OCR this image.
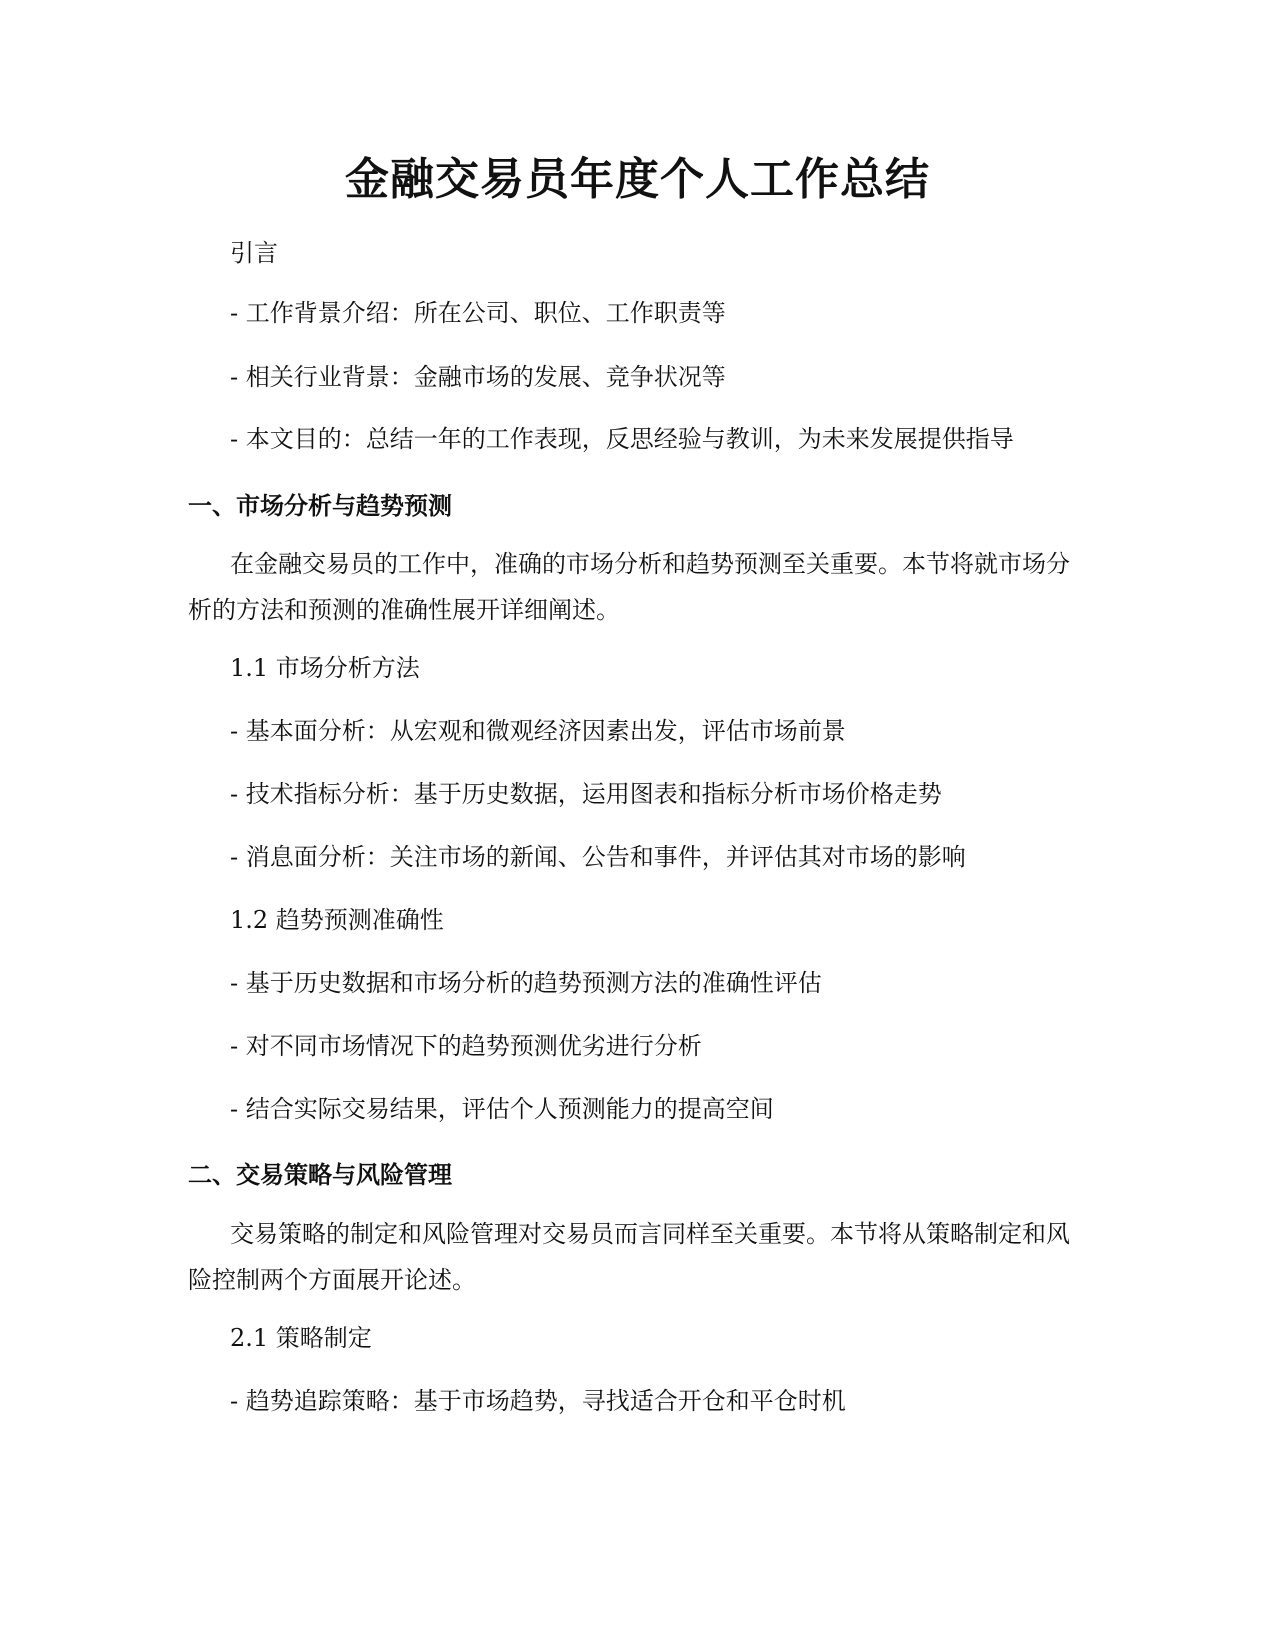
金融交易员年度个人工作总结

引言

- 工作背景介绍：所在公司、职位、工作职责等

- 相关行业背景：金融市场的发展、竞争状况等

- 本文目的：总结一年的工作表现，反思经验与教训，为未来发展提供指导

一、市场分析与趋势预测

在金融交易员的工作中，准确的市场分析和趋势预测至关重要。本节将就市场分析的方法和预测的准确性展开详细阐述。

1.1 市场分析方法

- 基本面分析：从宏观和微观经济因素出发，评估市场前景

- 技术指标分析：基于历史数据，运用图表和指标分析市场价格走势

- 消息面分析：关注市场的新闻、公告和事件，并评估其对市场的影响

1.2 趋势预测准确性

- 基于历史数据和市场分析的趋势预测方法的准确性评估

- 对不同市场情况下的趋势预测优劣进行分析

- 结合实际交易结果，评估个人预测能力的提高空间

二、交易策略与风险管理

交易策略的制定和风险管理对交易员而言同样至关重要。本节将从策略制定和风险控制两个方面展开论述。

2.1 策略制定

- 趋势追踪策略：基于市场趋势，寻找适合开仓和平仓时机
